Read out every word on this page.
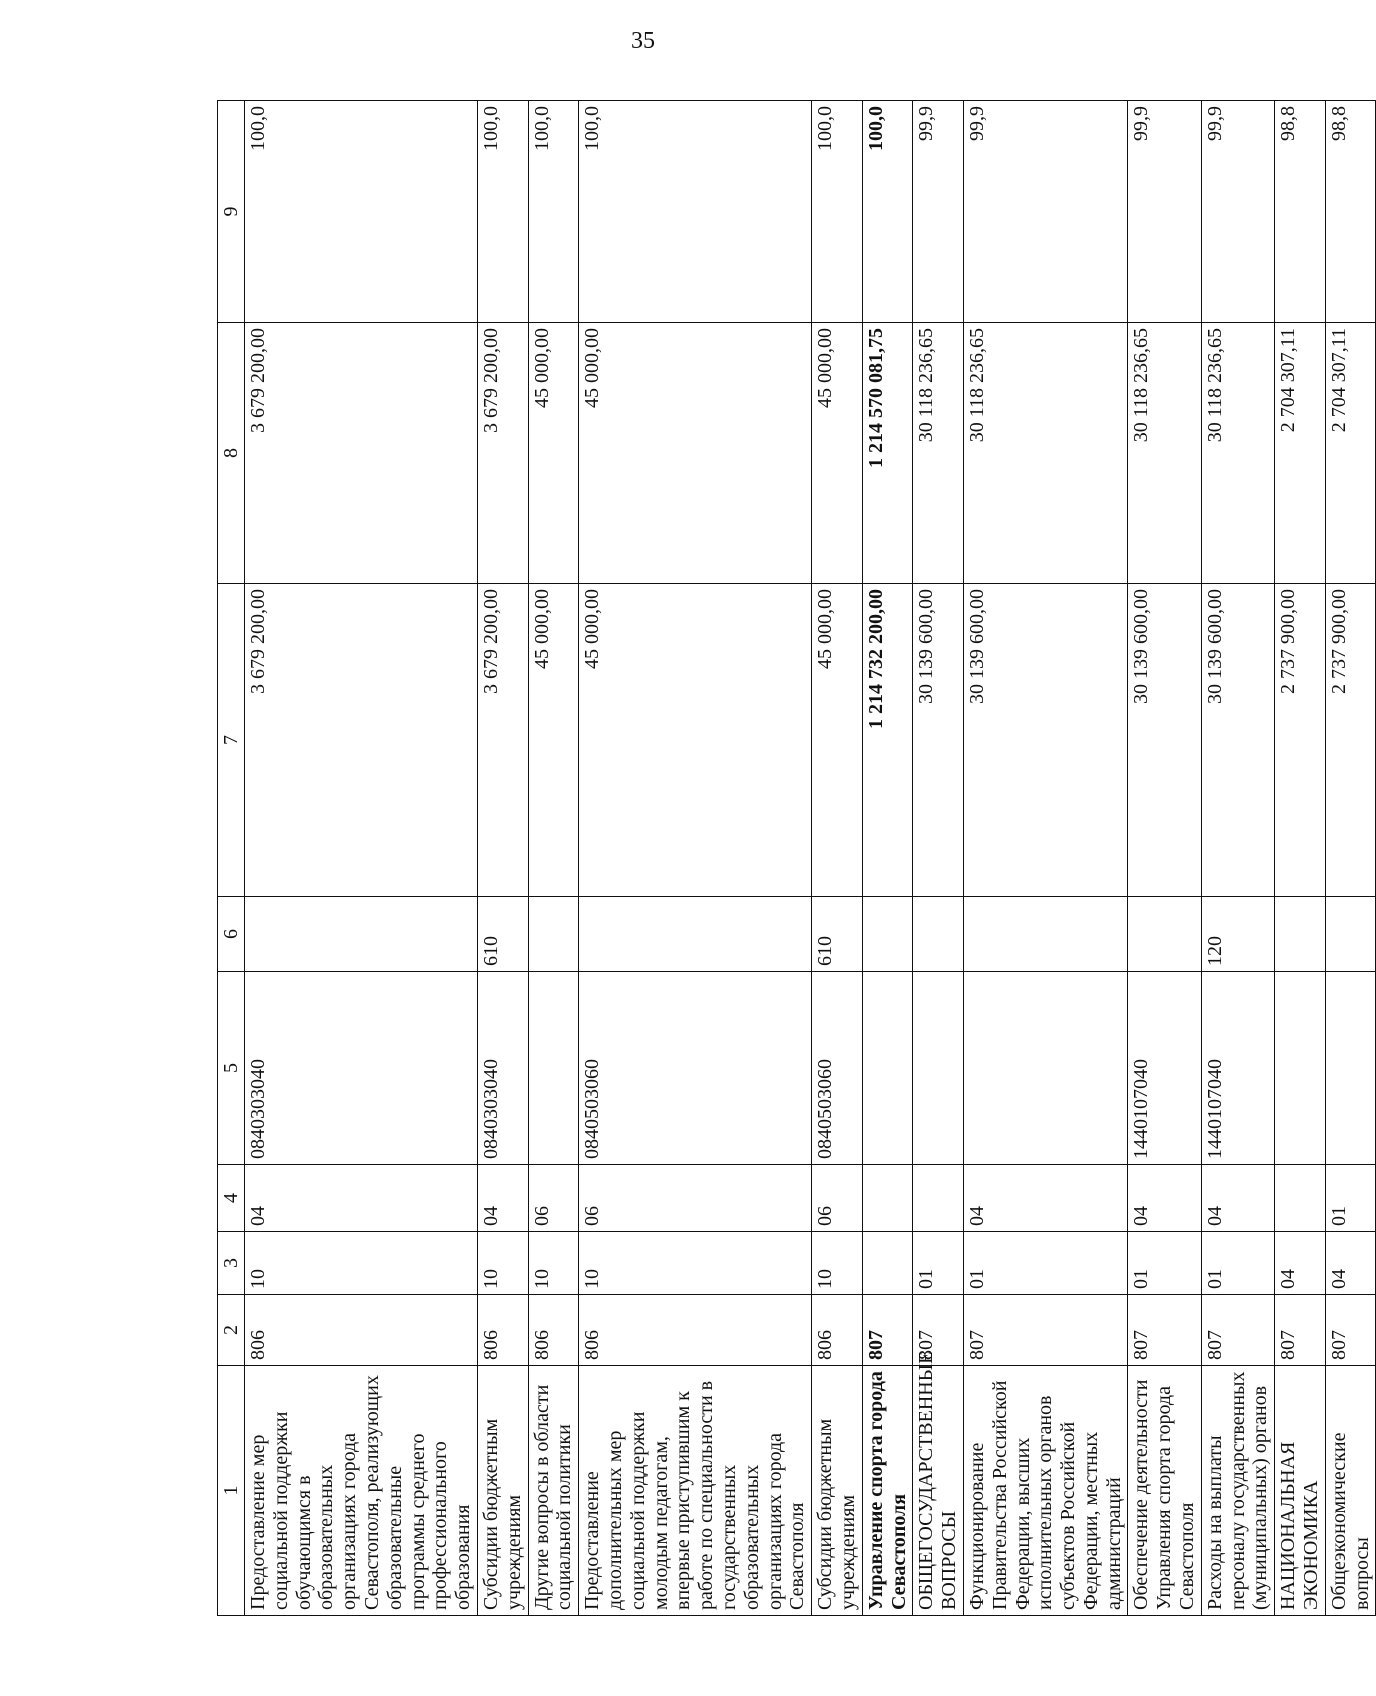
35
1	2	3	4	5	6	7	8	9
Предоставление мер социальной поддержки обучающимся в образовательных организациях города Севастополя, реализующих образовательные программы среднего профессионального образования	806	10	04	0840303040		3 679 200,00	3 679 200,00	100,0
Субсидии бюджетным учреждениям	806	10	04	0840303040	610	3 679 200,00	3 679 200,00	100,0
Другие вопросы в области социальной политики	806	10	06			45 000,00	45 000,00	100,0
Предоставление дополнительных мер социальной поддержки молодым педагогам, впервые приступившим к работе по специальности в государственных образовательных организациях города Севастополя	806	10	06	0840503060		45 000,00	45 000,00	100,0
Субсидии бюджетным учреждениям	806	10	06	0840503060	610	45 000,00	45 000,00	100,0
Управление спорта города Севастополя	807					1 214 732 200,00	1 214 570 081,75	100,0
ОБЩЕГОСУДАРСТВЕННЫЕ ВОПРОСЫ	807	01				30 139 600,00	30 118 236,65	99,9
Функционирование Правительства Российской Федерации, высших исполнительных органов субъектов Российской Федерации, местных администраций	807	01	04			30 139 600,00	30 118 236,65	99,9
Обеспечение деятельности Управления спорта города Севастополя	807	01	04	1440107040		30 139 600,00	30 118 236,65	99,9
Расходы на выплаты персоналу государственных (муниципальных) органов	807	01	04	1440107040	120	30 139 600,00	30 118 236,65	99,9
НАЦИОНАЛЬНАЯ ЭКОНОМИКА	807	04				2 737 900,00	2 704 307,11	98,8
Общеэкономические вопросы	807	04	01			2 737 900,00	2 704 307,11	98,8
